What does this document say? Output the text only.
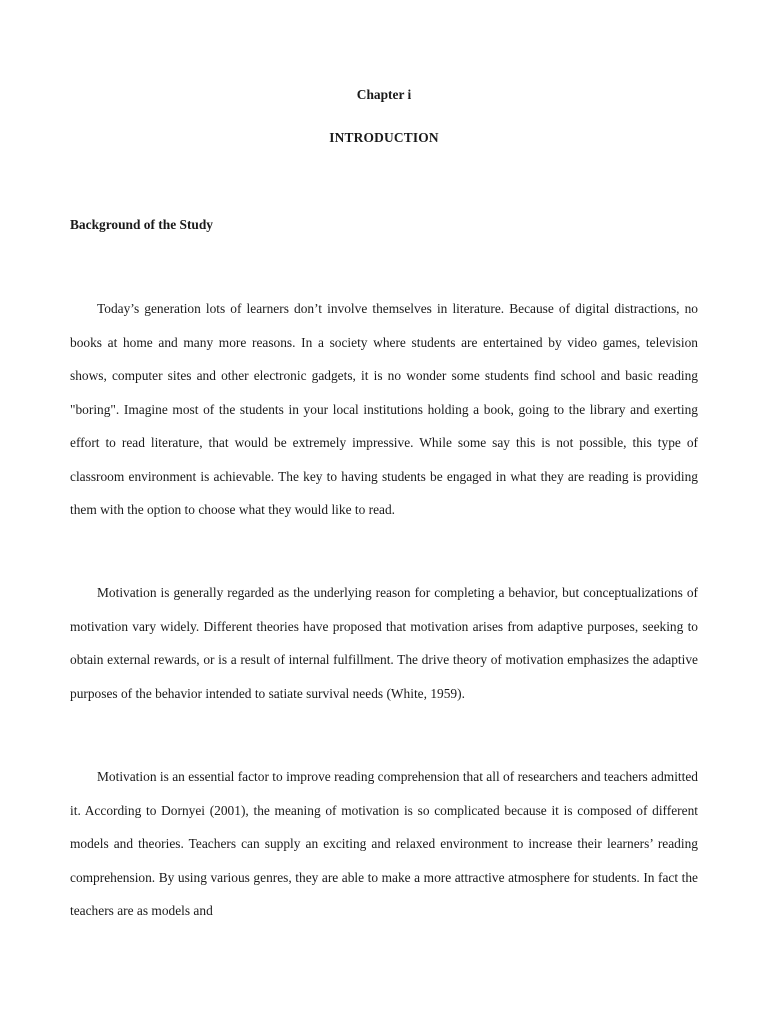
Chapter i
INTRODUCTION
Background of the Study

Today’s generation lots of learners don’t involve themselves in literature. Because of digital distractions, no books at home and many more reasons. In a society where students are entertained by video games, television shows, computer sites and other electronic gadgets, it is no wonder some students find school and basic reading "boring". Imagine most of the students in your local institutions holding a book, going to the library and exerting effort to read literature, that would be extremely impressive. While some say this is not possible, this type of classroom environment is achievable. The key to having students be engaged in what they are reading is providing them with the option to choose what they would like to read.

Motivation is generally regarded as the underlying reason for completing a behavior, but conceptualizations of motivation vary widely. Different theories have proposed that motivation arises from adaptive purposes, seeking to obtain external rewards, or is a result of internal fulfillment. The drive theory of motivation emphasizes the adaptive purposes of the behavior intended to satiate survival needs (White, 1959).

Motivation is an essential factor to improve reading comprehension that all of researchers and teachers admitted it. According to Dornyei (2001), the meaning of motivation is so complicated because it is composed of different models and theories. Teachers can supply an exciting and relaxed environment to increase their learners’ reading comprehension. By using various genres, they are able to make a more attractive atmosphere for students. In fact the teachers are as models and
